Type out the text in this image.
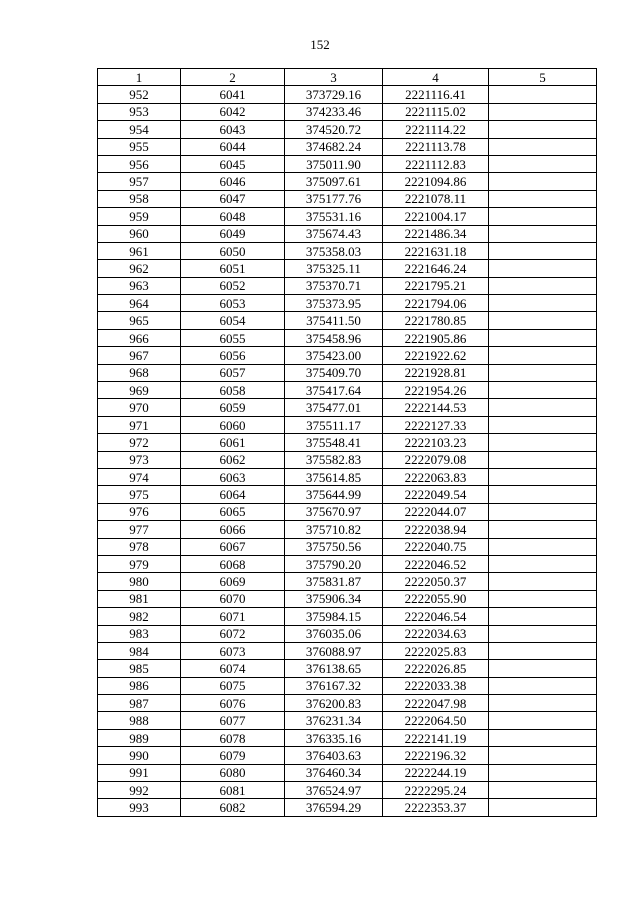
152
1	2	3	4	5
952	6041	373729.16	2221116.41	
953	6042	374233.46	2221115.02	
954	6043	374520.72	2221114.22	
955	6044	374682.24	2221113.78	
956	6045	375011.90	2221112.83	
957	6046	375097.61	2221094.86	
958	6047	375177.76	2221078.11	
959	6048	375531.16	2221004.17	
960	6049	375674.43	2221486.34	
961	6050	375358.03	2221631.18	
962	6051	375325.11	2221646.24	
963	6052	375370.71	2221795.21	
964	6053	375373.95	2221794.06	
965	6054	375411.50	2221780.85	
966	6055	375458.96	2221905.86	
967	6056	375423.00	2221922.62	
968	6057	375409.70	2221928.81	
969	6058	375417.64	2221954.26	
970	6059	375477.01	2222144.53	
971	6060	375511.17	2222127.33	
972	6061	375548.41	2222103.23	
973	6062	375582.83	2222079.08	
974	6063	375614.85	2222063.83	
975	6064	375644.99	2222049.54	
976	6065	375670.97	2222044.07	
977	6066	375710.82	2222038.94	
978	6067	375750.56	2222040.75	
979	6068	375790.20	2222046.52	
980	6069	375831.87	2222050.37	
981	6070	375906.34	2222055.90	
982	6071	375984.15	2222046.54	
983	6072	376035.06	2222034.63	
984	6073	376088.97	2222025.83	
985	6074	376138.65	2222026.85	
986	6075	376167.32	2222033.38	
987	6076	376200.83	2222047.98	
988	6077	376231.34	2222064.50	
989	6078	376335.16	2222141.19	
990	6079	376403.63	2222196.32	
991	6080	376460.34	2222244.19	
992	6081	376524.97	2222295.24	
993	6082	376594.29	2222353.37	
